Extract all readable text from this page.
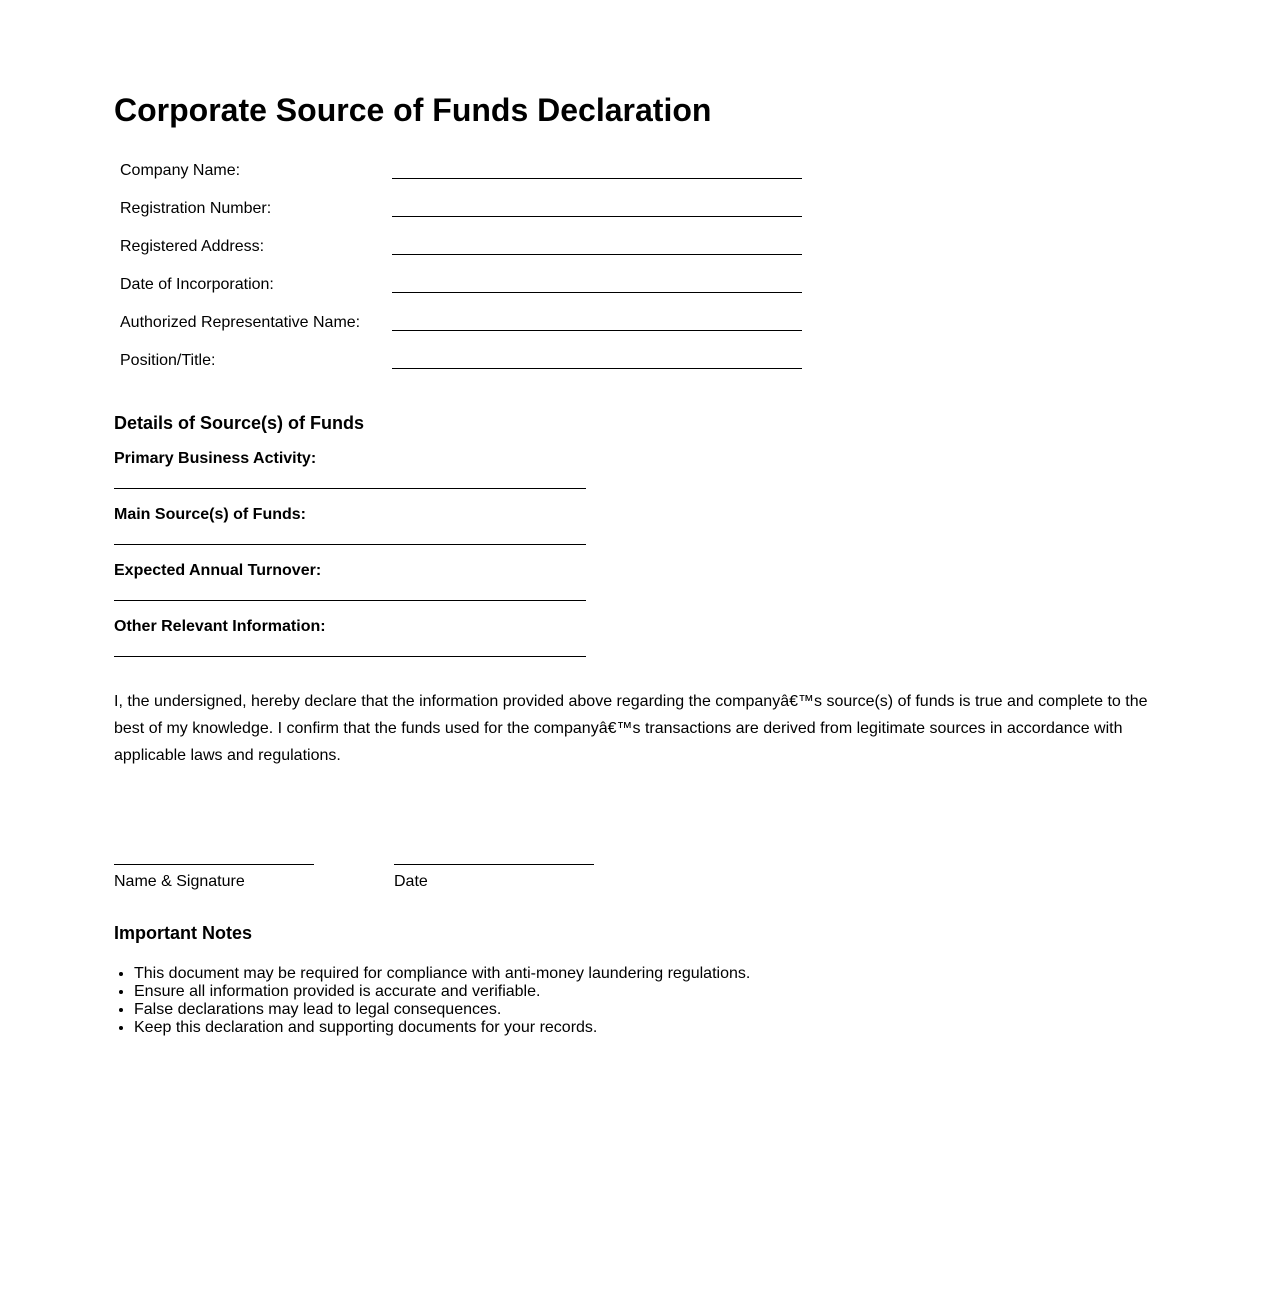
Corporate Source of Funds Declaration
Company Name:
Registration Number:
Registered Address:
Date of Incorporation:
Authorized Representative Name:
Position/Title:
Details of Source(s) of Funds
Primary Business Activity:
Main Source(s) of Funds:
Expected Annual Turnover:
Other Relevant Information:

I, the undersigned, hereby declare that the information provided above regarding the companyâ€™s source(s) of funds is true and complete to the best of my knowledge. I confirm that the funds used for the companyâ€™s transactions are derived from legitimate sources in accordance with applicable laws and regulations.

Name & Signature	Date
Important Notes
• This document may be required for compliance with anti-money laundering regulations.
• Ensure all information provided is accurate and verifiable.
• False declarations may lead to legal consequences.
• Keep this declaration and supporting documents for your records.
